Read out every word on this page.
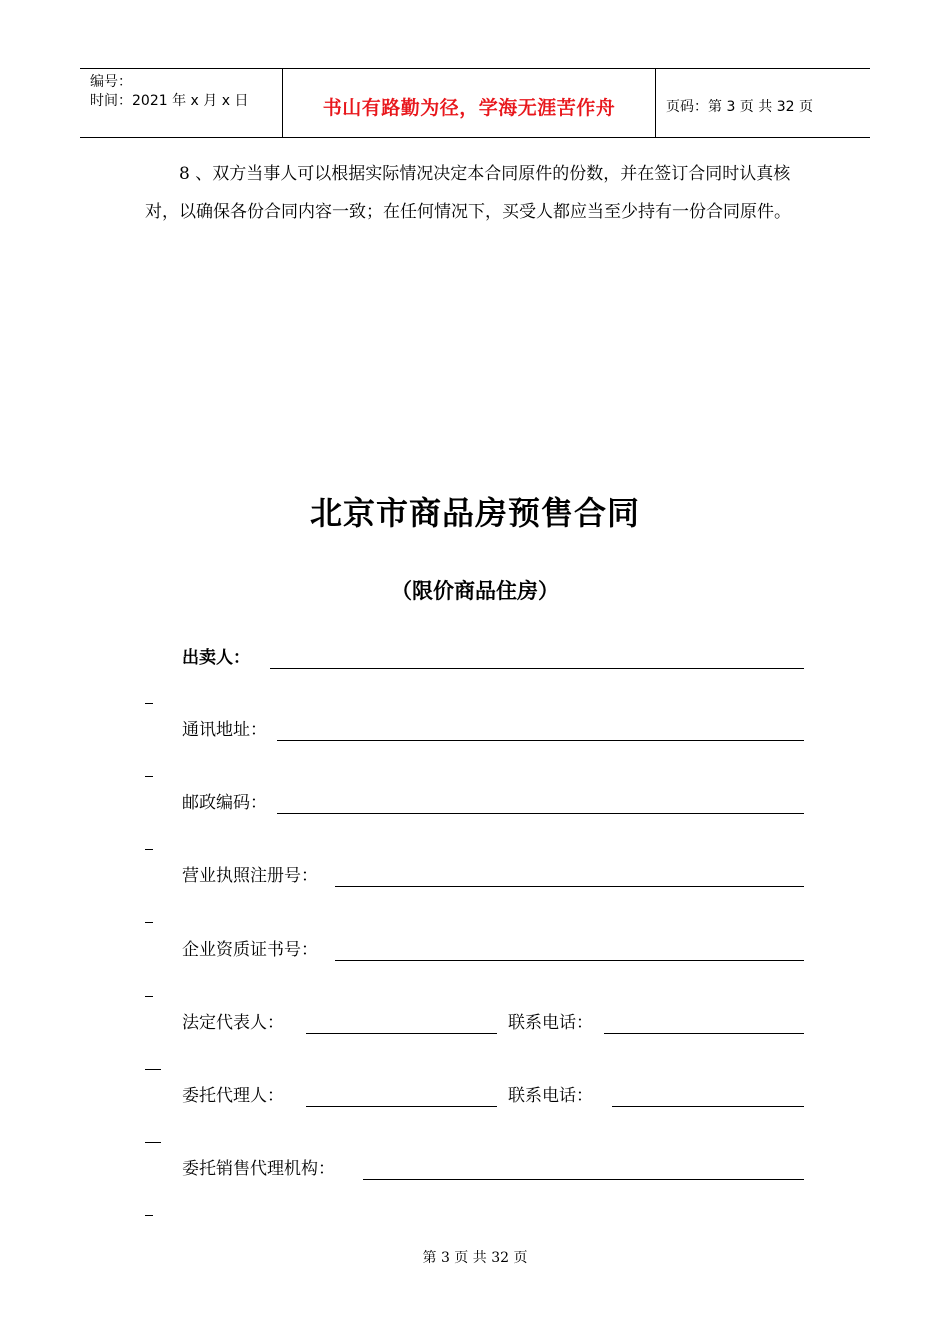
编号：
时间：2021 年 x 月 x 日	书山有路勤为径，学海无涯苦作舟	页码：第 3 页 共 32 页
8 、双方当事人可以根据实际情况决定本合同原件的份数，并在签订合同时认真核对，以确保各份合同内容一致；在任何情况下，买受人都应当至少持有一份合同原件。
北京市商品房预售合同
（限价商品住房）
出卖人：
通讯地址：
邮政编码：
营业执照注册号：
企业资质证书号：
法定代表人：	联系电话：
委托代理人：	联系电话：
委托销售代理机构：
第 3 页 共 32 页
